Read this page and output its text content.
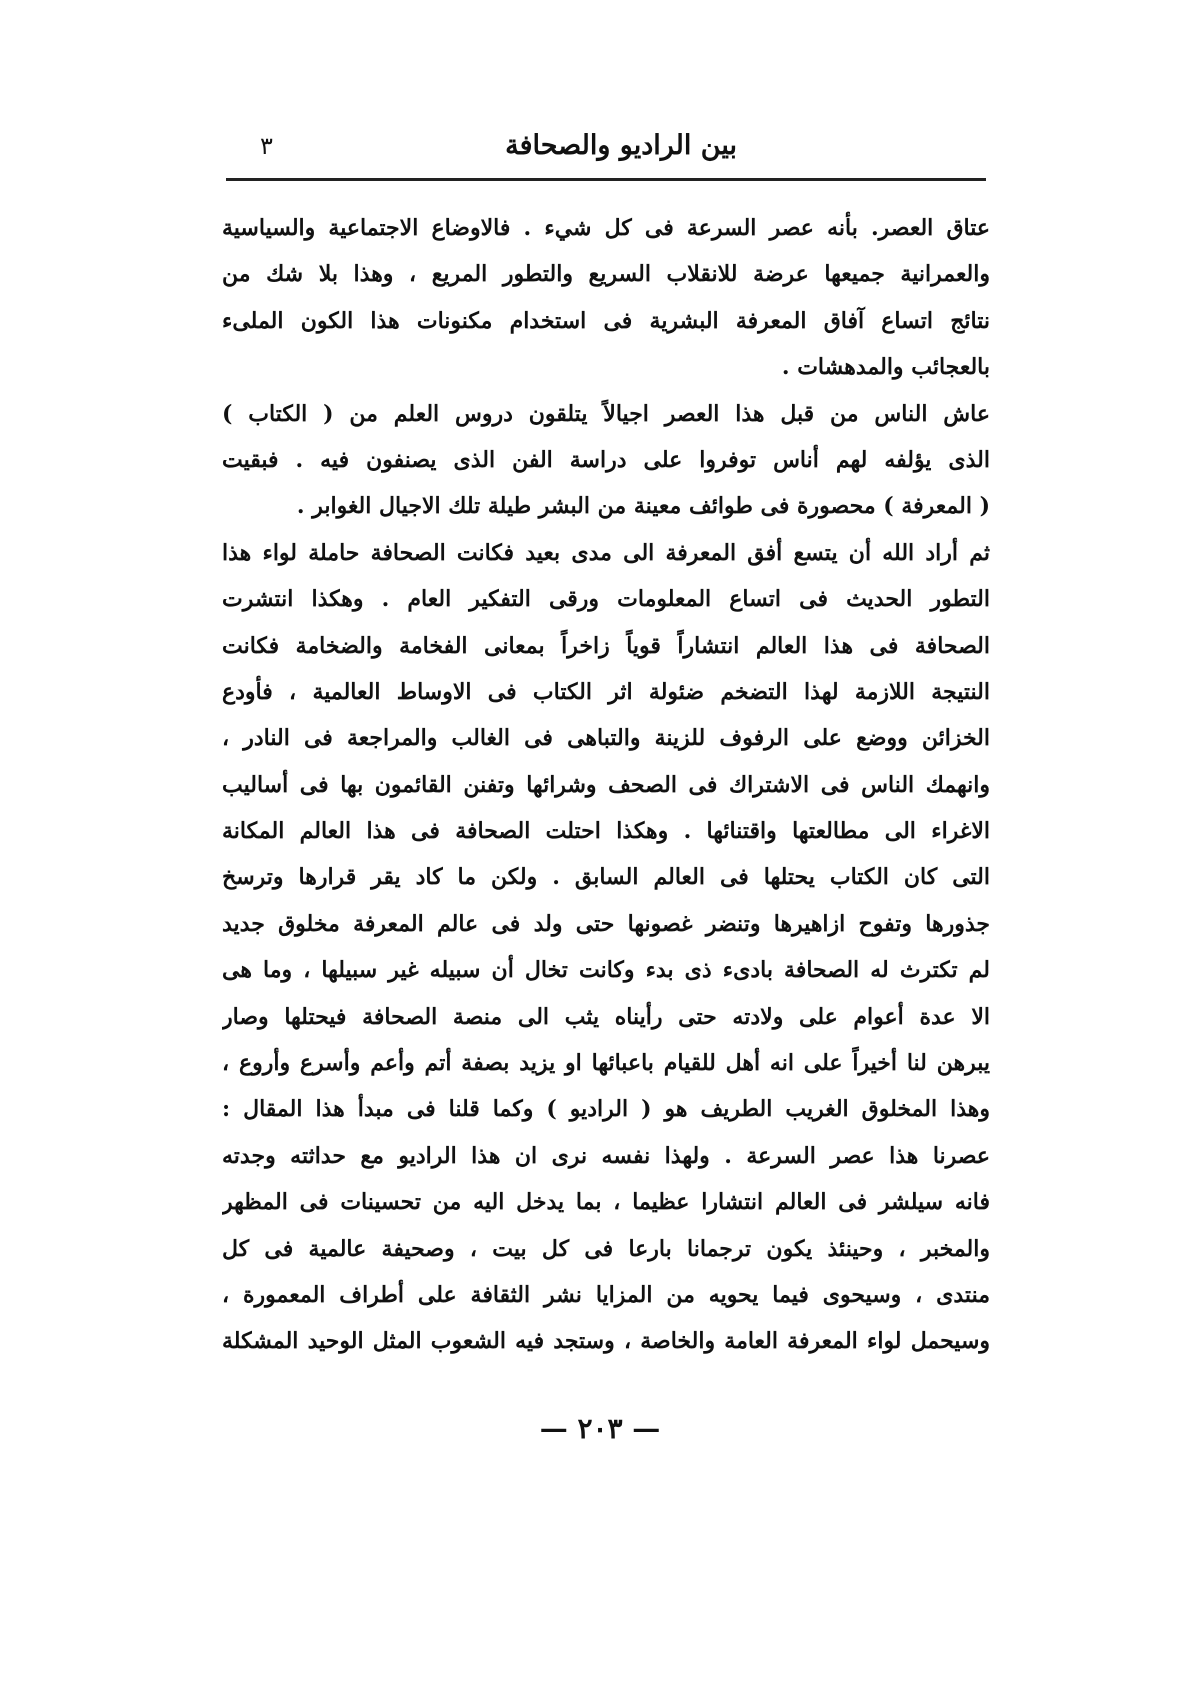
بين الراديو والصحافة
٣

عتاق العصر. بأنه عصر السرعة فى كل شيء . فالاوضاع الاجتماعية والسياسية
والعمرانية جميعها عرضة للانقلاب السريع والتطور المريع ، وهذا بلا شك من
نتائج اتساع آفاق المعرفة البشرية فى استخدام مكنونات هذا الكون الملىء
بالعجائب والمدهشات .

عاش الناس من قبل هذا العصر اجيالاً يتلقون دروس العلم من ( الكتاب )
الذى يؤلفه لهم أناس توفروا على دراسة الفن الذى يصنفون فيه . فبقيت
( المعرفة ) محصورة فى طوائف معينة من البشر طيلة تلك الاجيال الغوابر .

ثم أراد الله أن يتسع أفق المعرفة الى مدى بعيد فكانت الصحافة حاملة لواء هذا
التطور الحديث فى اتساع المعلومات ورقى التفكير العام . وهكذا انتشرت
الصحافة فى هذا العالم انتشاراً قوياً زاخراً بمعانى الفخامة والضخامة فكانت
النتيجة اللازمة لهذا التضخم ضئولة اثر الكتاب فى الاوساط العالمية ، فأودع
الخزائن ووضع على الرفوف للزينة والتباهى فى الغالب والمراجعة فى النادر ،
وانهمك الناس فى الاشتراك فى الصحف وشرائها وتفنن القائمون بها فى أساليب
الاغراء الى مطالعتها واقتنائها . وهكذا احتلت الصحافة فى هذا العالم المكانة
التى كان الكتاب يحتلها فى العالم السابق . ولكن ما كاد يقر قرارها وترسخ
جذورها وتفوح ازاهيرها وتنضر غصونها حتى ولد فى عالم المعرفة مخلوق جديد
لم تكترث له الصحافة بادىء ذى بدء وكانت تخال أن سبيله غير سبيلها ، وما هى
الا عدة أعوام على ولادته حتى رأيناه يثب الى منصة الصحافة فيحتلها وصار
يبرهن لنا أخيراً على انه أهل للقيام باعبائها او يزيد بصفة أتم وأعم وأسرع وأروع ،
وهذا المخلوق الغريب الطريف هو ( الراديو ) وكما قلنا فى مبدأ هذا المقال :
عصرنا هذا عصر السرعة . ولهذا نفسه نرى ان هذا الراديو مع حداثته وجدته
فانه سيلشر فى العالم انتشارا عظيما ، بما يدخل اليه من تحسينات فى المظهر
والمخبر ، وحينئذ يكون ترجمانا بارعا فى كل بيت ، وصحيفة عالمية فى كل
منتدى ، وسيحوى فيما يحويه من المزايا نشر الثقافة على أطراف المعمورة ،
وسيحمل لواء المعرفة العامة والخاصة ، وستجد فيه الشعوب المثل الوحيد المشكلة

— ٢٠٣ —
